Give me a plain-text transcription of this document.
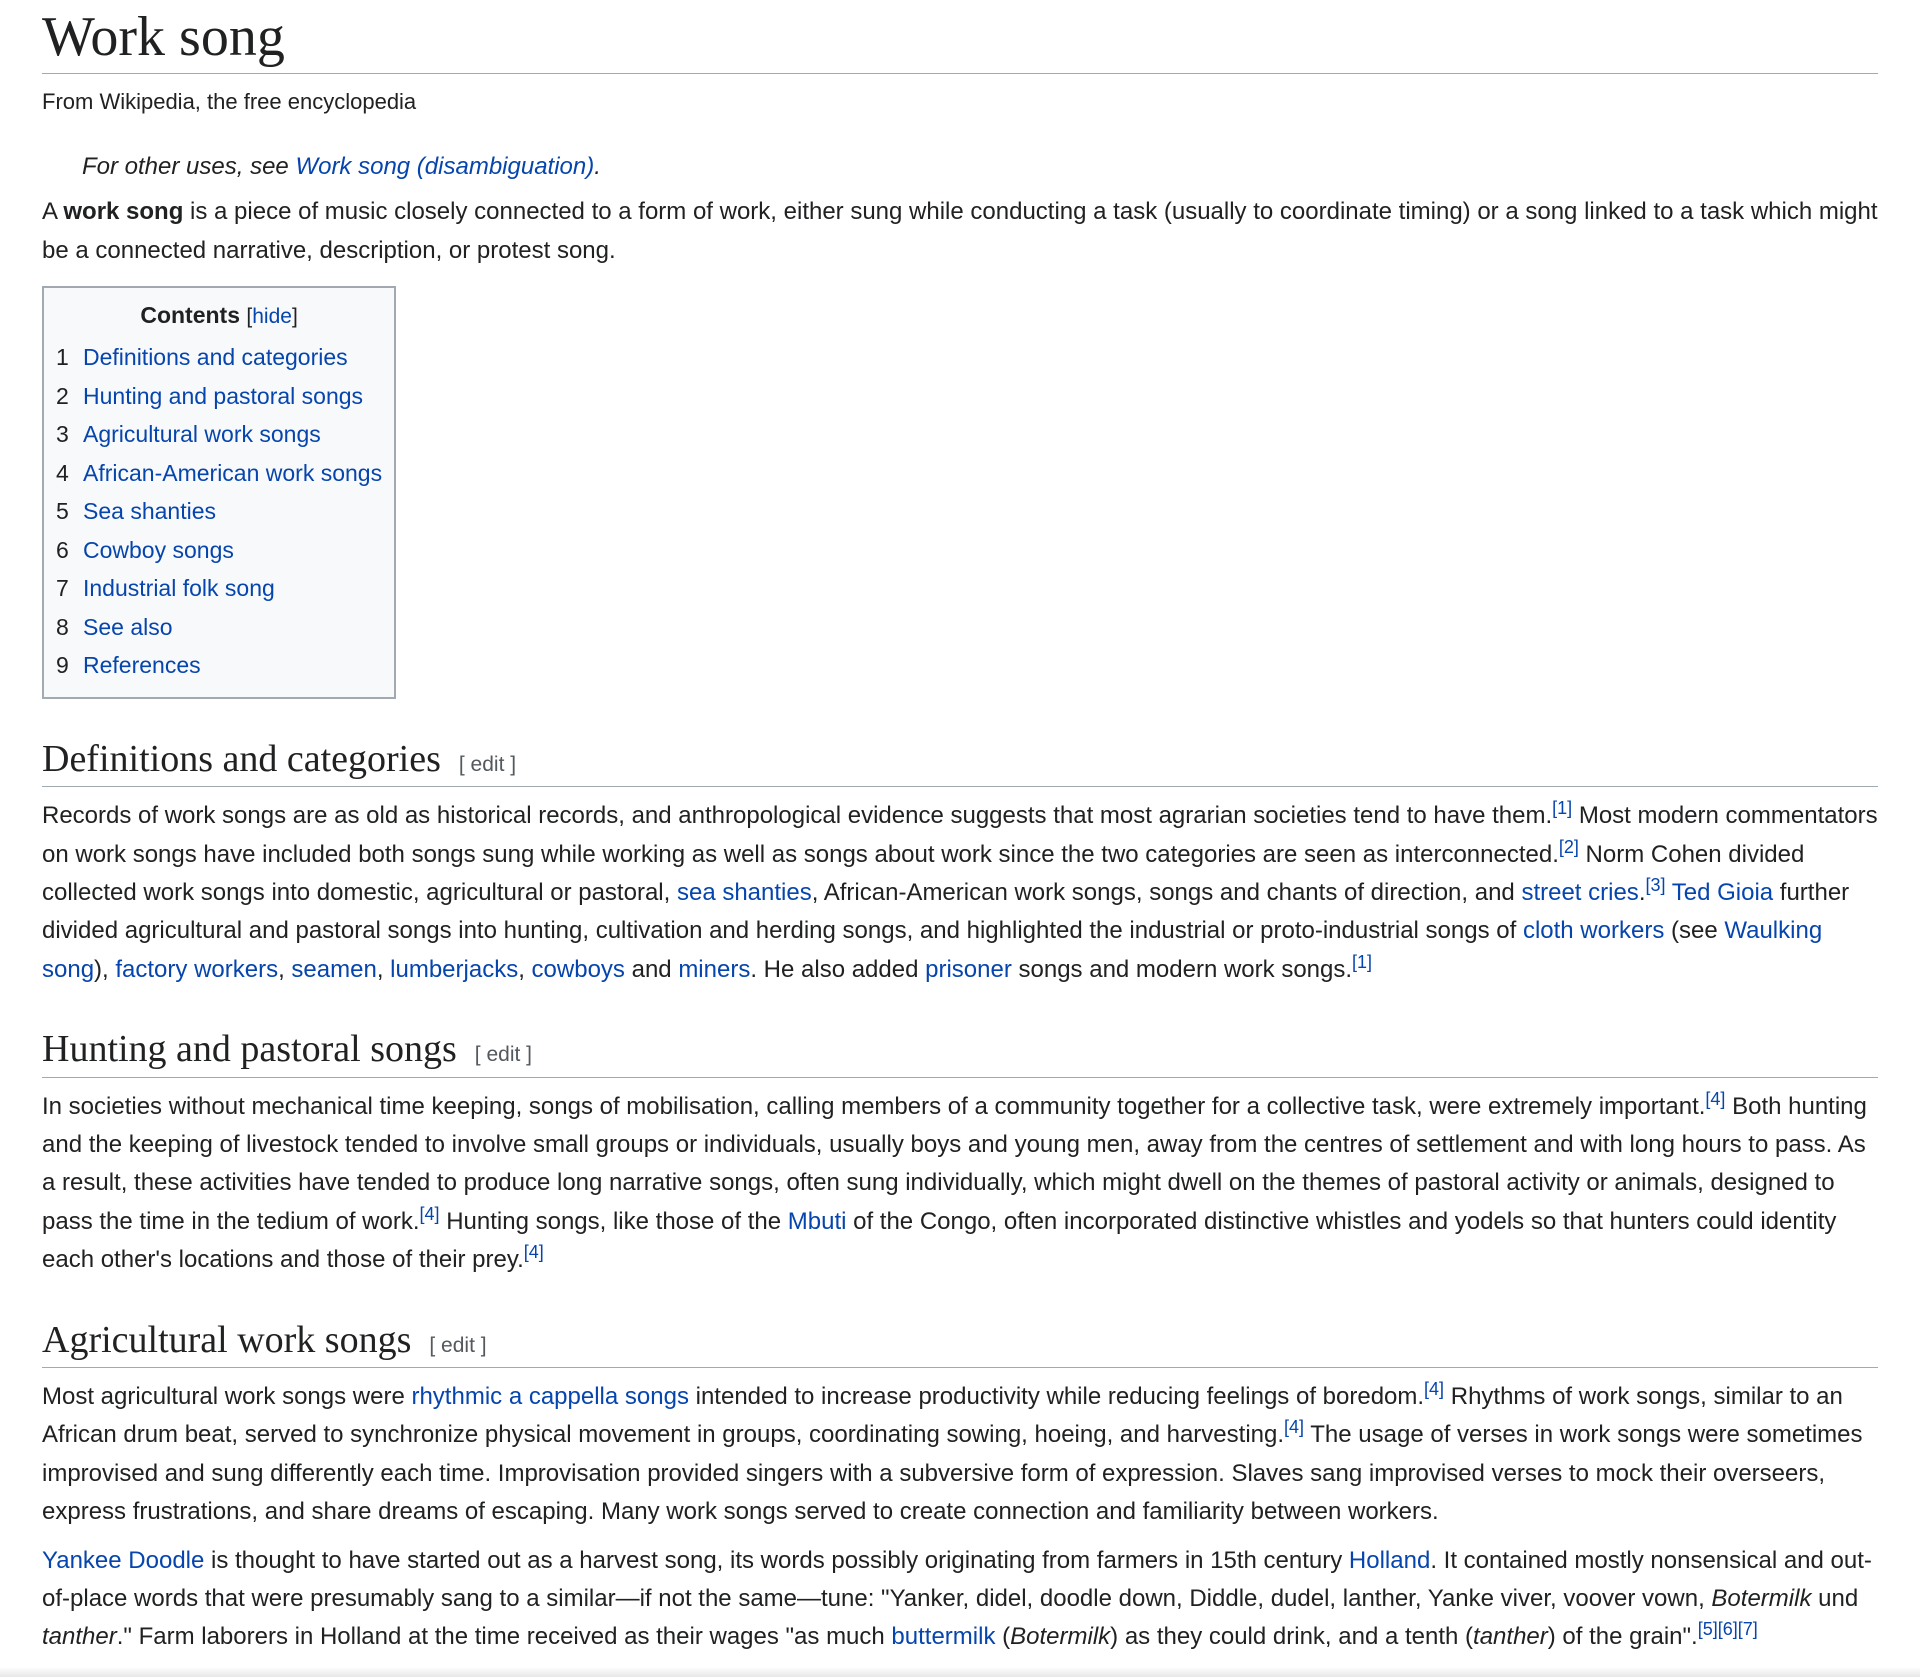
Work song
From Wikipedia, the free encyclopedia
For other uses, see Work song (disambiguation).

A work song is a piece of music closely connected to a form of work, either sung while conducting a task (usually to coordinate timing) or a song linked to a task which might be a connected narrative, description, or protest song.

Contents [hide]
1 Definitions and categories
2 Hunting and pastoral songs
3 Agricultural work songs
4 African-American work songs
5 Sea shanties
6 Cowboy songs
7 Industrial folk song
8 See also
9 References
Definitions and categories [ edit ]

Records of work songs are as old as historical records, and anthropological evidence suggests that most agrarian societies tend to have them.[1] Most modern commentators on work songs have included both songs sung while working as well as songs about work since the two categories are seen as interconnected.[2] Norm Cohen divided collected work songs into domestic, agricultural or pastoral, sea shanties, African-American work songs, songs and chants of direction, and street cries.[3] Ted Gioia further divided agricultural and pastoral songs into hunting, cultivation and herding songs, and highlighted the industrial or proto-industrial songs of cloth workers (see Waulking song), factory workers, seamen, lumberjacks, cowboys and miners. He also added prisoner songs and modern work songs.[1]

Hunting and pastoral songs [ edit ]

In societies without mechanical time keeping, songs of mobilisation, calling members of a community together for a collective task, were extremely important.[4] Both hunting and the keeping of livestock tended to involve small groups or individuals, usually boys and young men, away from the centres of settlement and with long hours to pass. As a result, these activities have tended to produce long narrative songs, often sung individually, which might dwell on the themes of pastoral activity or animals, designed to pass the time in the tedium of work.[4] Hunting songs, like those of the Mbuti of the Congo, often incorporated distinctive whistles and yodels so that hunters could identity each other's locations and those of their prey.[4]

Agricultural work songs [ edit ]

Most agricultural work songs were rhythmic a cappella songs intended to increase productivity while reducing feelings of boredom.[4] Rhythms of work songs, similar to an African drum beat, served to synchronize physical movement in groups, coordinating sowing, hoeing, and harvesting.[4] The usage of verses in work songs were sometimes improvised and sung differently each time. Improvisation provided singers with a subversive form of expression. Slaves sang improvised verses to mock their overseers, express frustrations, and share dreams of escaping. Many work songs served to create connection and familiarity between workers.

Yankee Doodle is thought to have started out as a harvest song, its words possibly originating from farmers in 15th century Holland. It contained mostly nonsensical and out-of-place words that were presumably sang to a similar—if not the same—tune: "Yanker, didel, doodle down, Diddle, dudel, lanther, Yanke viver, voover vown, Botermilk und tanther." Farm laborers in Holland at the time received as their wages "as much buttermilk (Botermilk) as they could drink, and a tenth (tanther) of the grain".[5][6][7]
